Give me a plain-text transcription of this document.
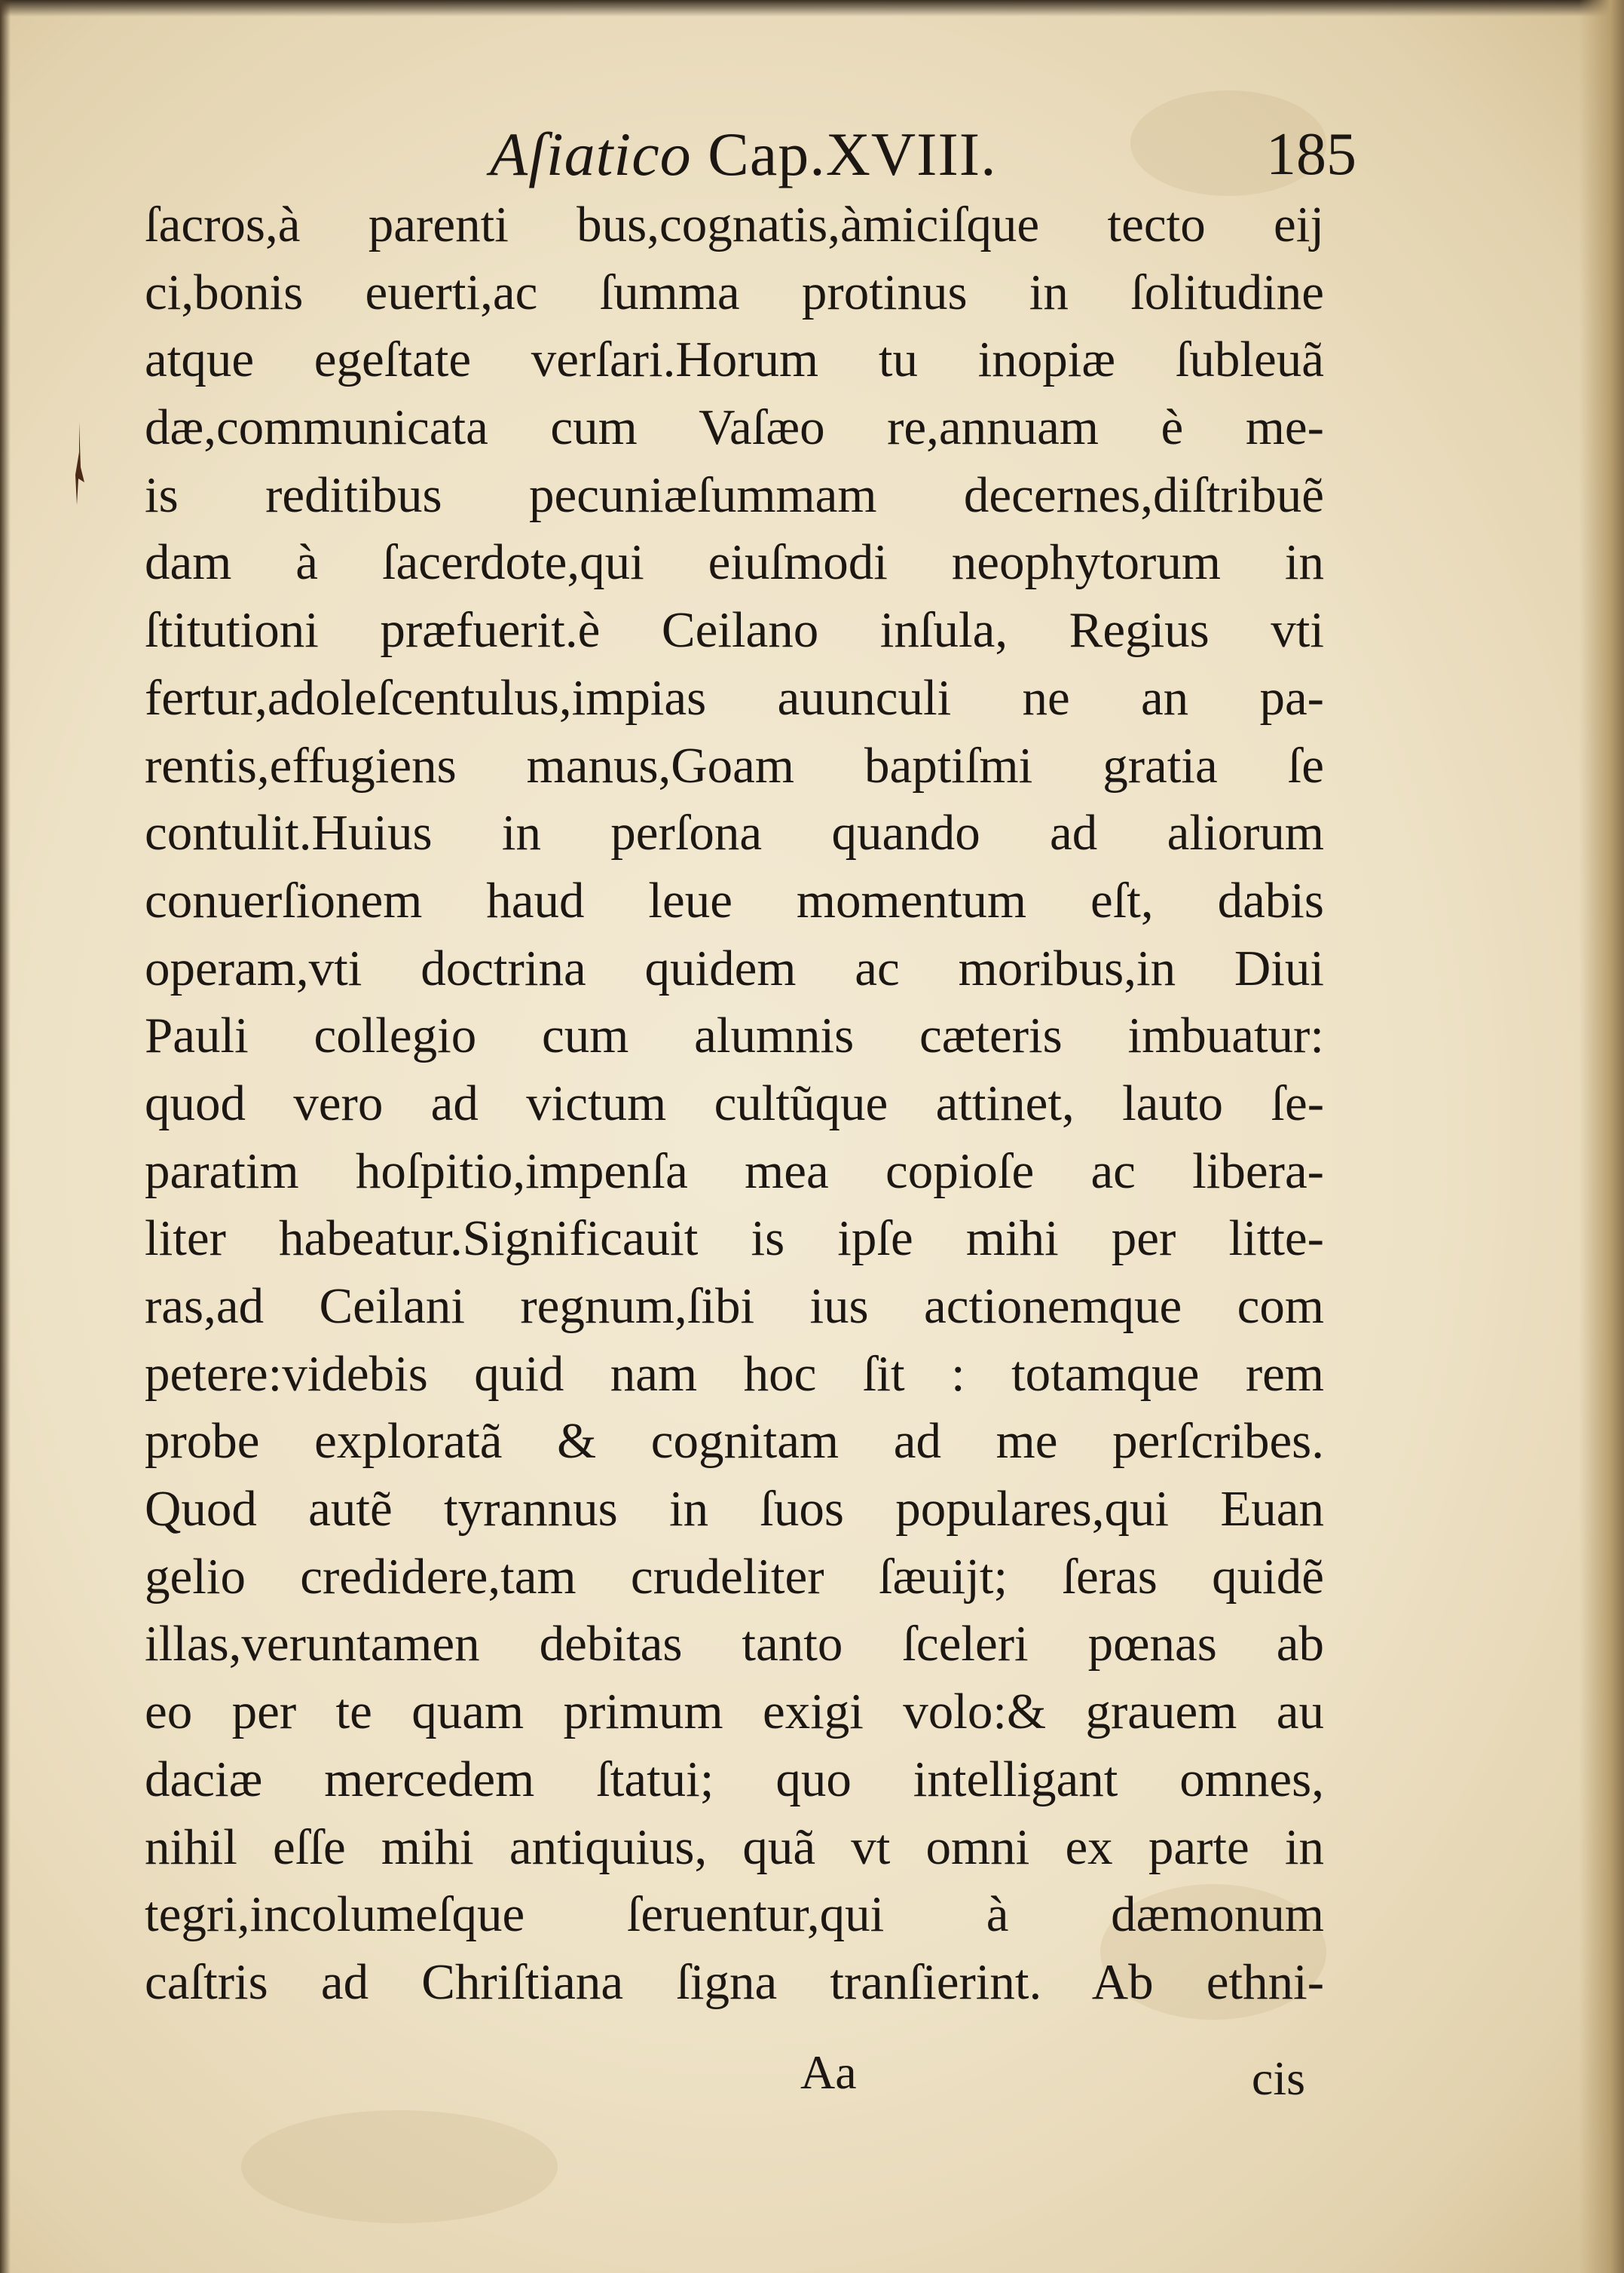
Aſiatico Cap.XVIII.	185
ſacros,à parenti bus,cognatis,àmiciſque tecto eij
ci,bonis euerti,ac ſumma protinus in ſolitudine
atque egeſtate verſari.Horum tu inopiæ ſubleuã
dæ,communicata cum Vaſæo re,annuam è me-
is reditibus pecuniæſummam decernes,diſtribuẽ
dam à ſacerdote,qui eiuſmodi neophytorum in
ſtitutioni præfuerit.è Ceilano inſula, Regius vti
fertur,adoleſcentulus,impias auunculi ne an pa-
rentis,effugiens manus,Goam baptiſmi gratia ſe
contulit.Huius in perſona quando ad aliorum
conuerſionem haud leue momentum eſt, dabis
operam,vti doctrina quidem ac moribus,in Diui
Pauli collegio cum alumnis cæteris imbuatur:
quod vero ad victum cultũque attinet, lauto ſe-
paratim hoſpitio,impenſa mea copioſe ac libera-
liter habeatur.Significauit is ipſe mihi per litte-
ras,ad Ceilani regnum,ſibi ius actionemque com
petere:videbis quid nam hoc ſit : totamque rem
probe exploratã & cognitam ad me perſcribes.
Quod autẽ tyrannus in ſuos populares,qui Euan
gelio credidere,tam crudeliter ſæuijt; ſeras quidẽ
illas,veruntamen debitas tanto ſceleri pœnas ab
eo per te quam primum exigi volo:& grauem au
daciæ mercedem ſtatui; quo intelligant omnes,
nihil eſſe mihi antiquius, quã vt omni ex parte in
tegri,incolumeſque ſeruentur,qui à dæmonum
caſtris ad Chriſtiana ſigna tranſierint. Ab ethni-
Aa	cis
